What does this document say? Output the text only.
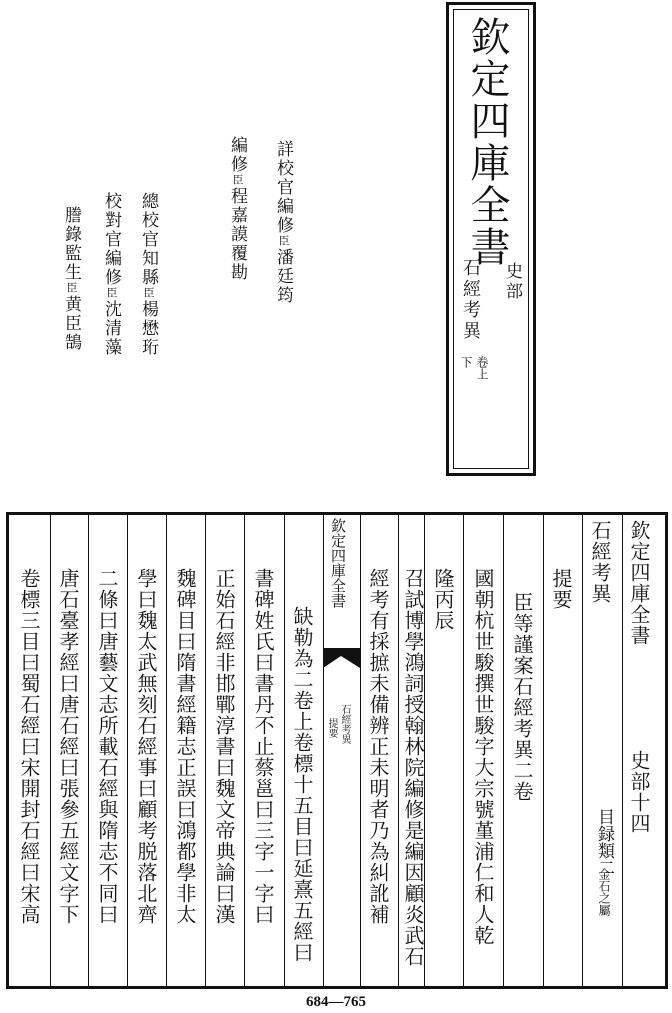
欽定四庫全書
史部
石經考異
卷上
下
詳校官編修臣潘廷筠
編修臣程嘉謨覆勘
總校官知縣臣楊懋珩
校對官編修臣沈清藻
謄錄監生臣黄臣鵠
欽定四庫全書
史部十四
石經考異
目録類二
金石之屬
提要
欽定四庫全書
石經考異
提要	臣等謹案石經考異二卷
國朝杭世駿撰世駿字大宗號堇浦仁和人乾
隆丙辰
召試博學鴻詞授翰林院編修是編因顧炎武石
經考有採摭未備辨正未明者乃為糾訛補
缺勒為二卷上卷標十五目曰延熹五經曰
書碑姓氏曰書丹不止蔡邕曰三字一字曰
正始石經非邯鄲淳書曰魏文帝典論曰漢
魏碑目曰隋書經籍志正誤曰鴻都學非太
學曰魏太武無刻石經事曰顧考脱落北齊
二條曰唐藝文志所載石經與隋志不同曰
唐石臺孝經曰唐石經曰張參五經文字下
卷標三目曰蜀石經曰宋開封石經曰宋高
684—765
